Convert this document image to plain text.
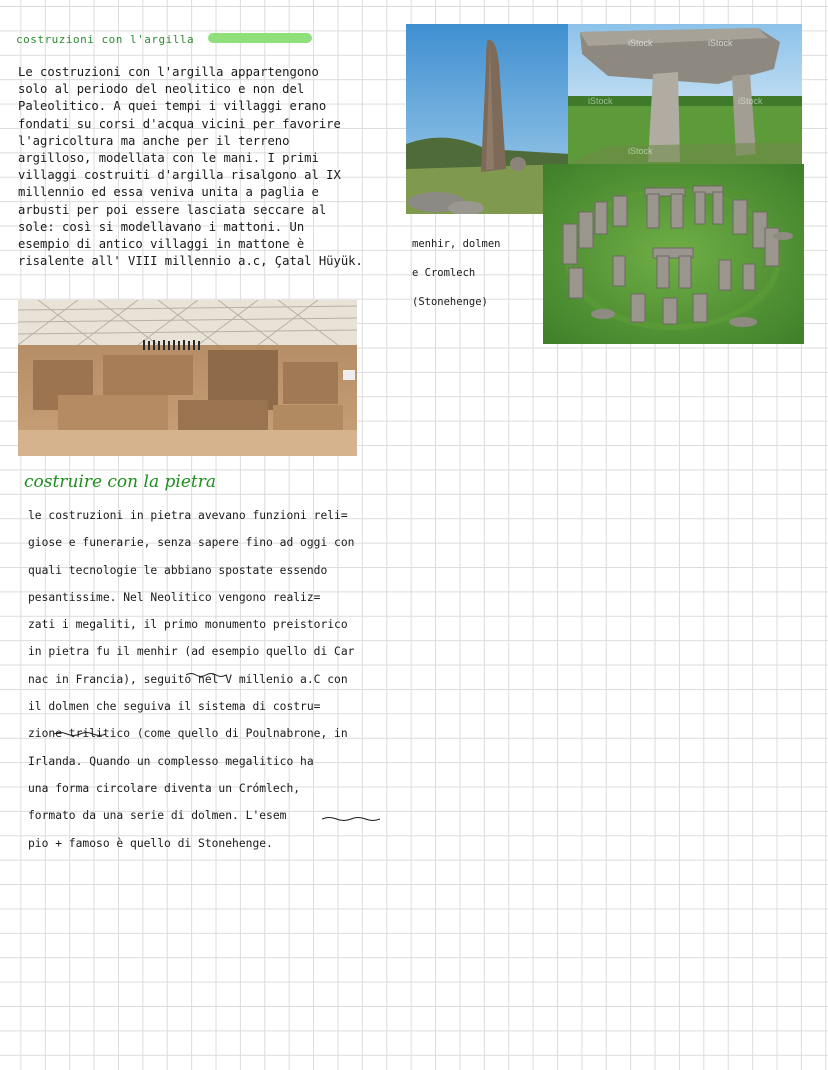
costruzioni con l'argilla
Le costruzioni con l'argilla appartengono
solo al periodo del neolitico e non del
Paleolitico. A quei tempi i villaggi erano
fondati su corsi d'acqua vicini per favorire
l'agricoltura ma anche per il terreno
argilloso, modellata con le mani. I primi
villaggi costruiti d'argilla risalgono al IX
millennio ed essa veniva unita a paglia e
arbusti per poi essere lasciata seccare al
sole: così si modellavano i mattoni. Un
esempio di antico villaggi in mattone è
risalente all' VIII millennio a.c, Çatal Hüyük.
iStock	iStock
iStock	iStock
iStock
menhir, dolmen
e Cromlech
(Stonehenge)
costruire con la pietra
le costruzioni in pietra avevano funzioni reli=
giose e funerarie, senza sapere fino ad oggi con
quali tecnologie le abbiano spostate essendo
pesantissime. Nel Neolitico vengono realiz=
zati i megaliti, il primo monumento preistorico
in pietra fu il menhir (ad esempio quello di Car
nac in Francia), seguito nel V millenio a.C con
il dolmen che seguiva il sistema di costru=
zione trilitico (come quello di Poulnabrone, in
Irlanda. Quando un complesso megalitico ha
una forma circolare diventa un Crómlech,
formato da una serie di dolmen. L'esem
pio + famoso è quello di Stonehenge.
